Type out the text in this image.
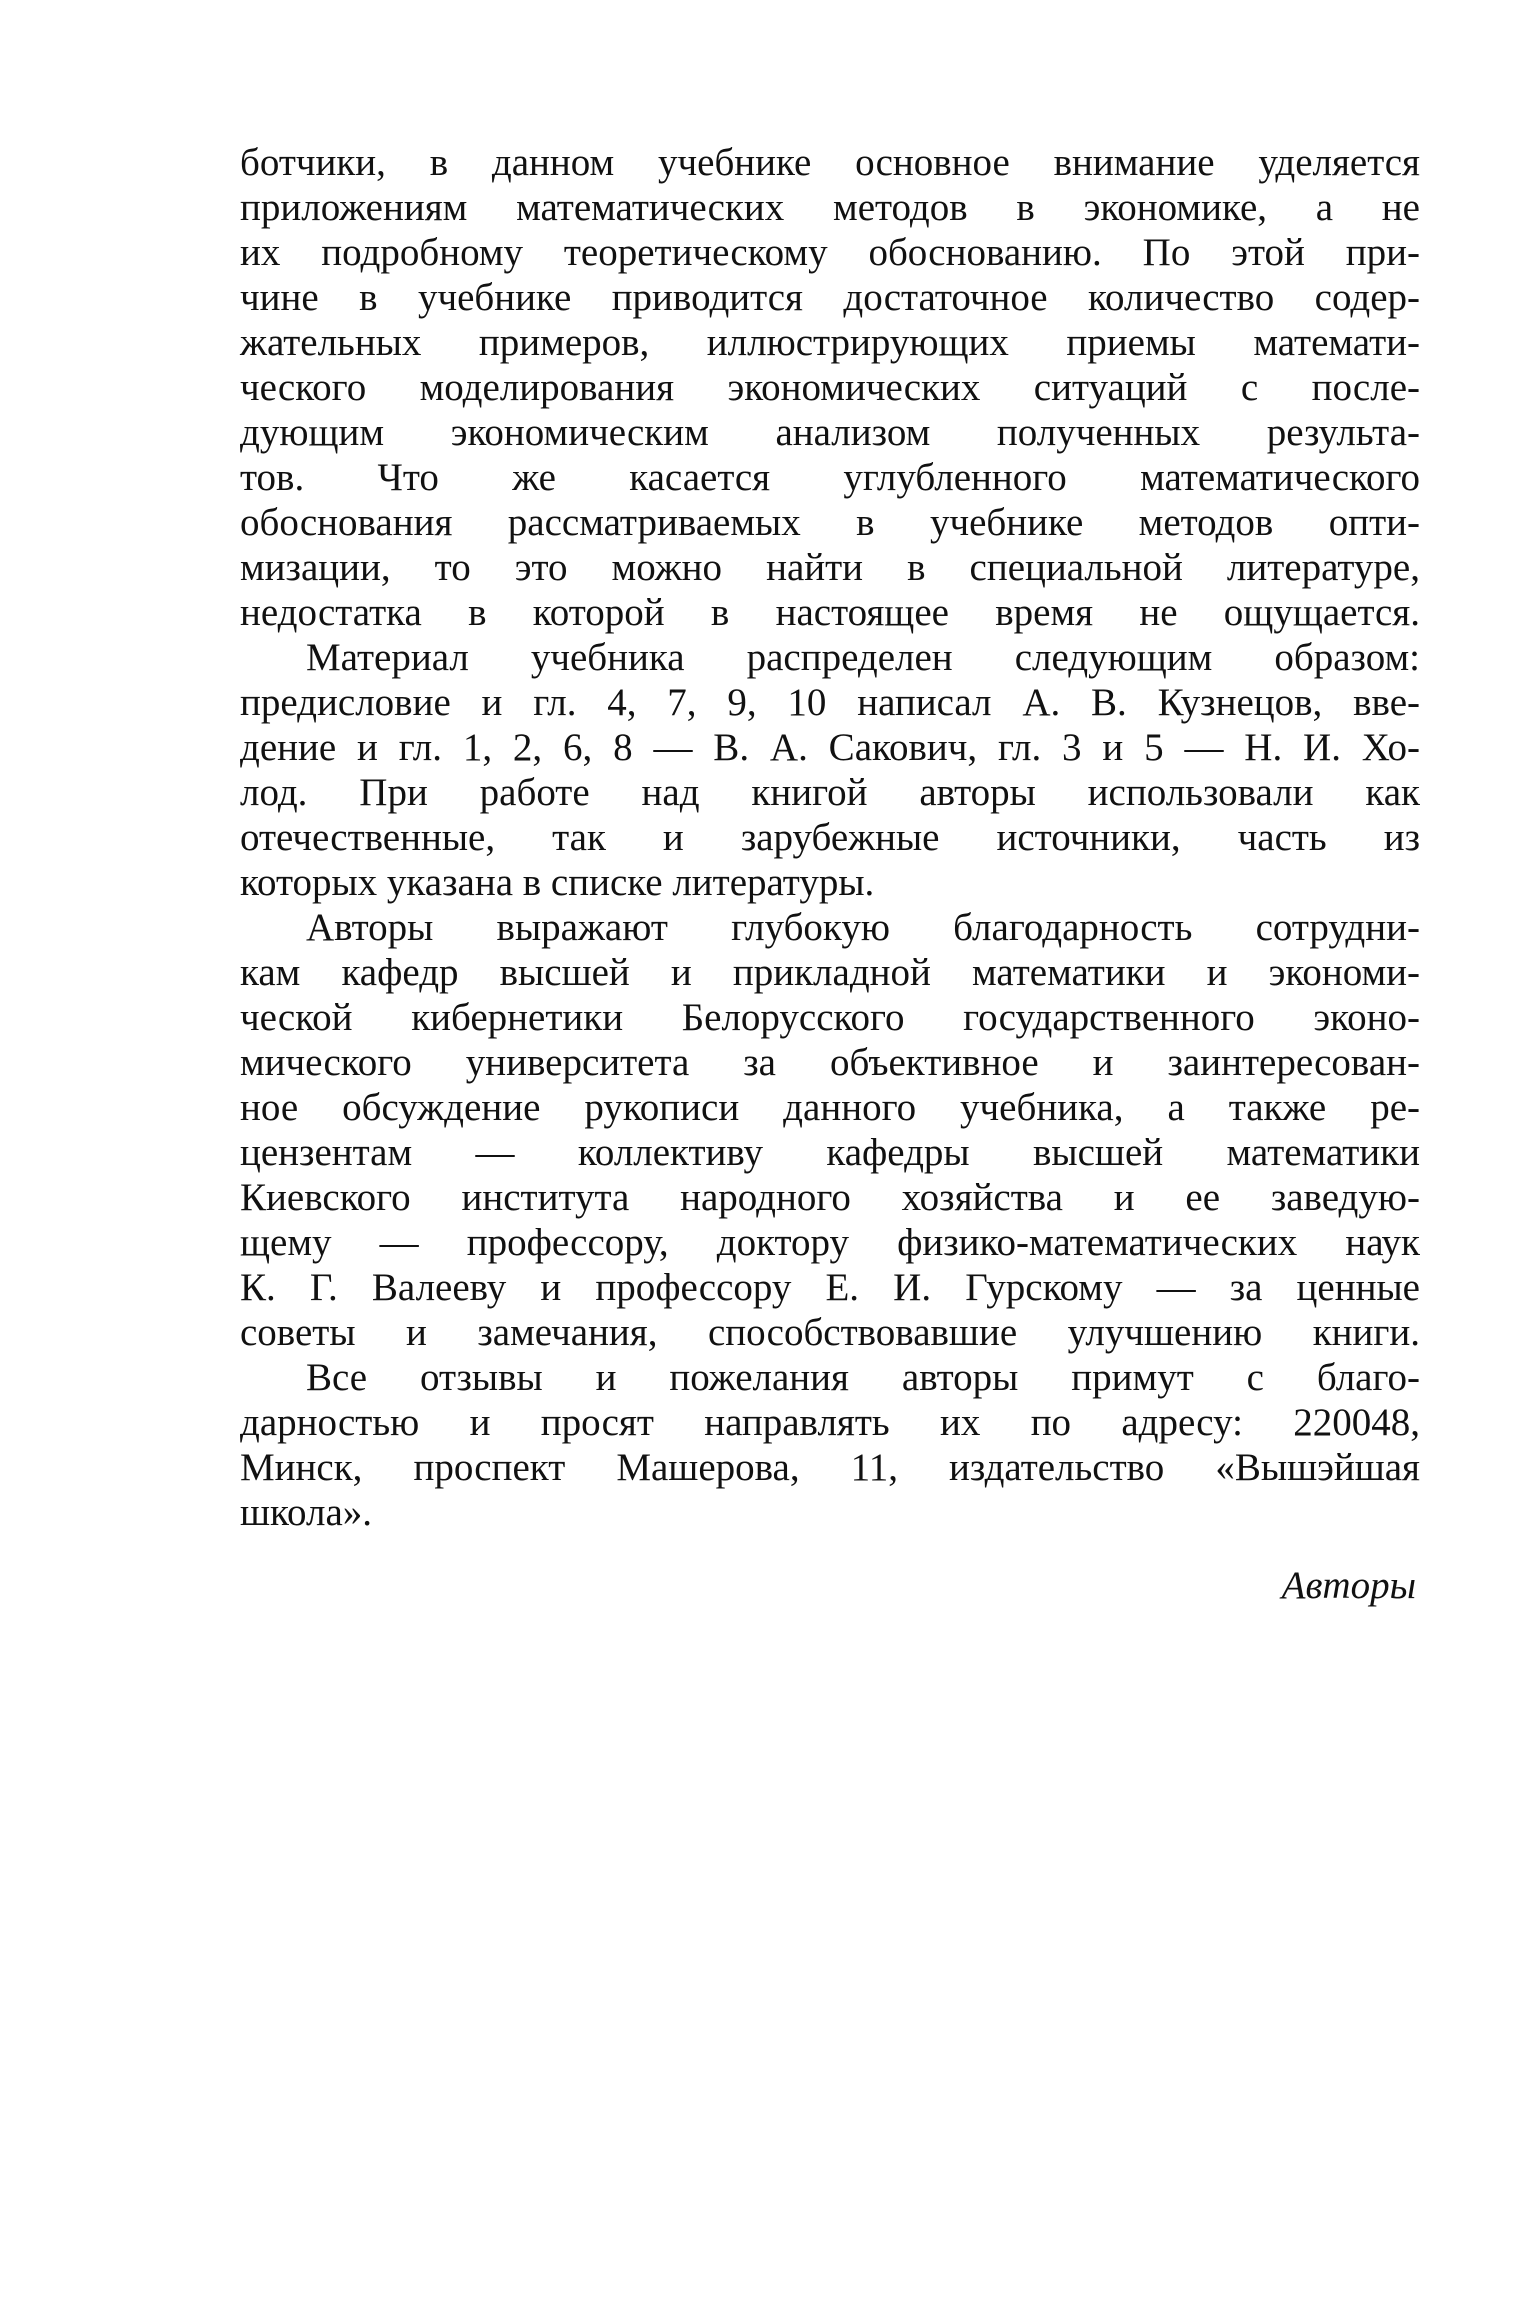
ботчики, в данном учебнике основное внимание уделяется
приложениям математических методов в экономике, а не
их подробному теоретическому обоснованию. По этой при-
чине в учебнике приводится достаточное количество содер-
жательных примеров, иллюстрирующих приемы математи-
ческого моделирования экономических ситуаций с после-
дующим экономическим анализом полученных результа-
тов. Что же касается углубленного математического
обоснования рассматриваемых в учебнике методов опти-
мизации, то это можно найти в специальной литературе,
недостатка в которой в настоящее время не ощущается.
Материал учебника распределен следующим образом:
предисловие и гл. 4, 7, 9, 10 написал А. В. Кузнецов, вве-
дение и гл. 1, 2, 6, 8 — В. А. Сакович, гл. 3 и 5 — Н. И. Хо-
лод. При работе над книгой авторы использовали как
отечественные, так и зарубежные источники, часть из
которых указана в списке литературы.
Авторы выражают глубокую благодарность сотрудни-
кам кафедр высшей и прикладной математики и экономи-
ческой кибернетики Белорусского государственного эконо-
мического университета за объективное и заинтересован-
ное обсуждение рукописи данного учебника, а также ре-
цензентам — коллективу кафедры высшей математики
Киевского института народного хозяйства и ее заведую-
щему — профессору, доктору физико-математических наук
К. Г. Валееву и профессору Е. И. Гурскому — за ценные
советы и замечания, способствовавшие улучшению книги.
Все отзывы и пожелания авторы примут с благо-
дарностью и просят направлять их по адресу: 220048,
Минск, проспект Машерова, 11, издательство «Вышэйшая
школа».
Авторы
